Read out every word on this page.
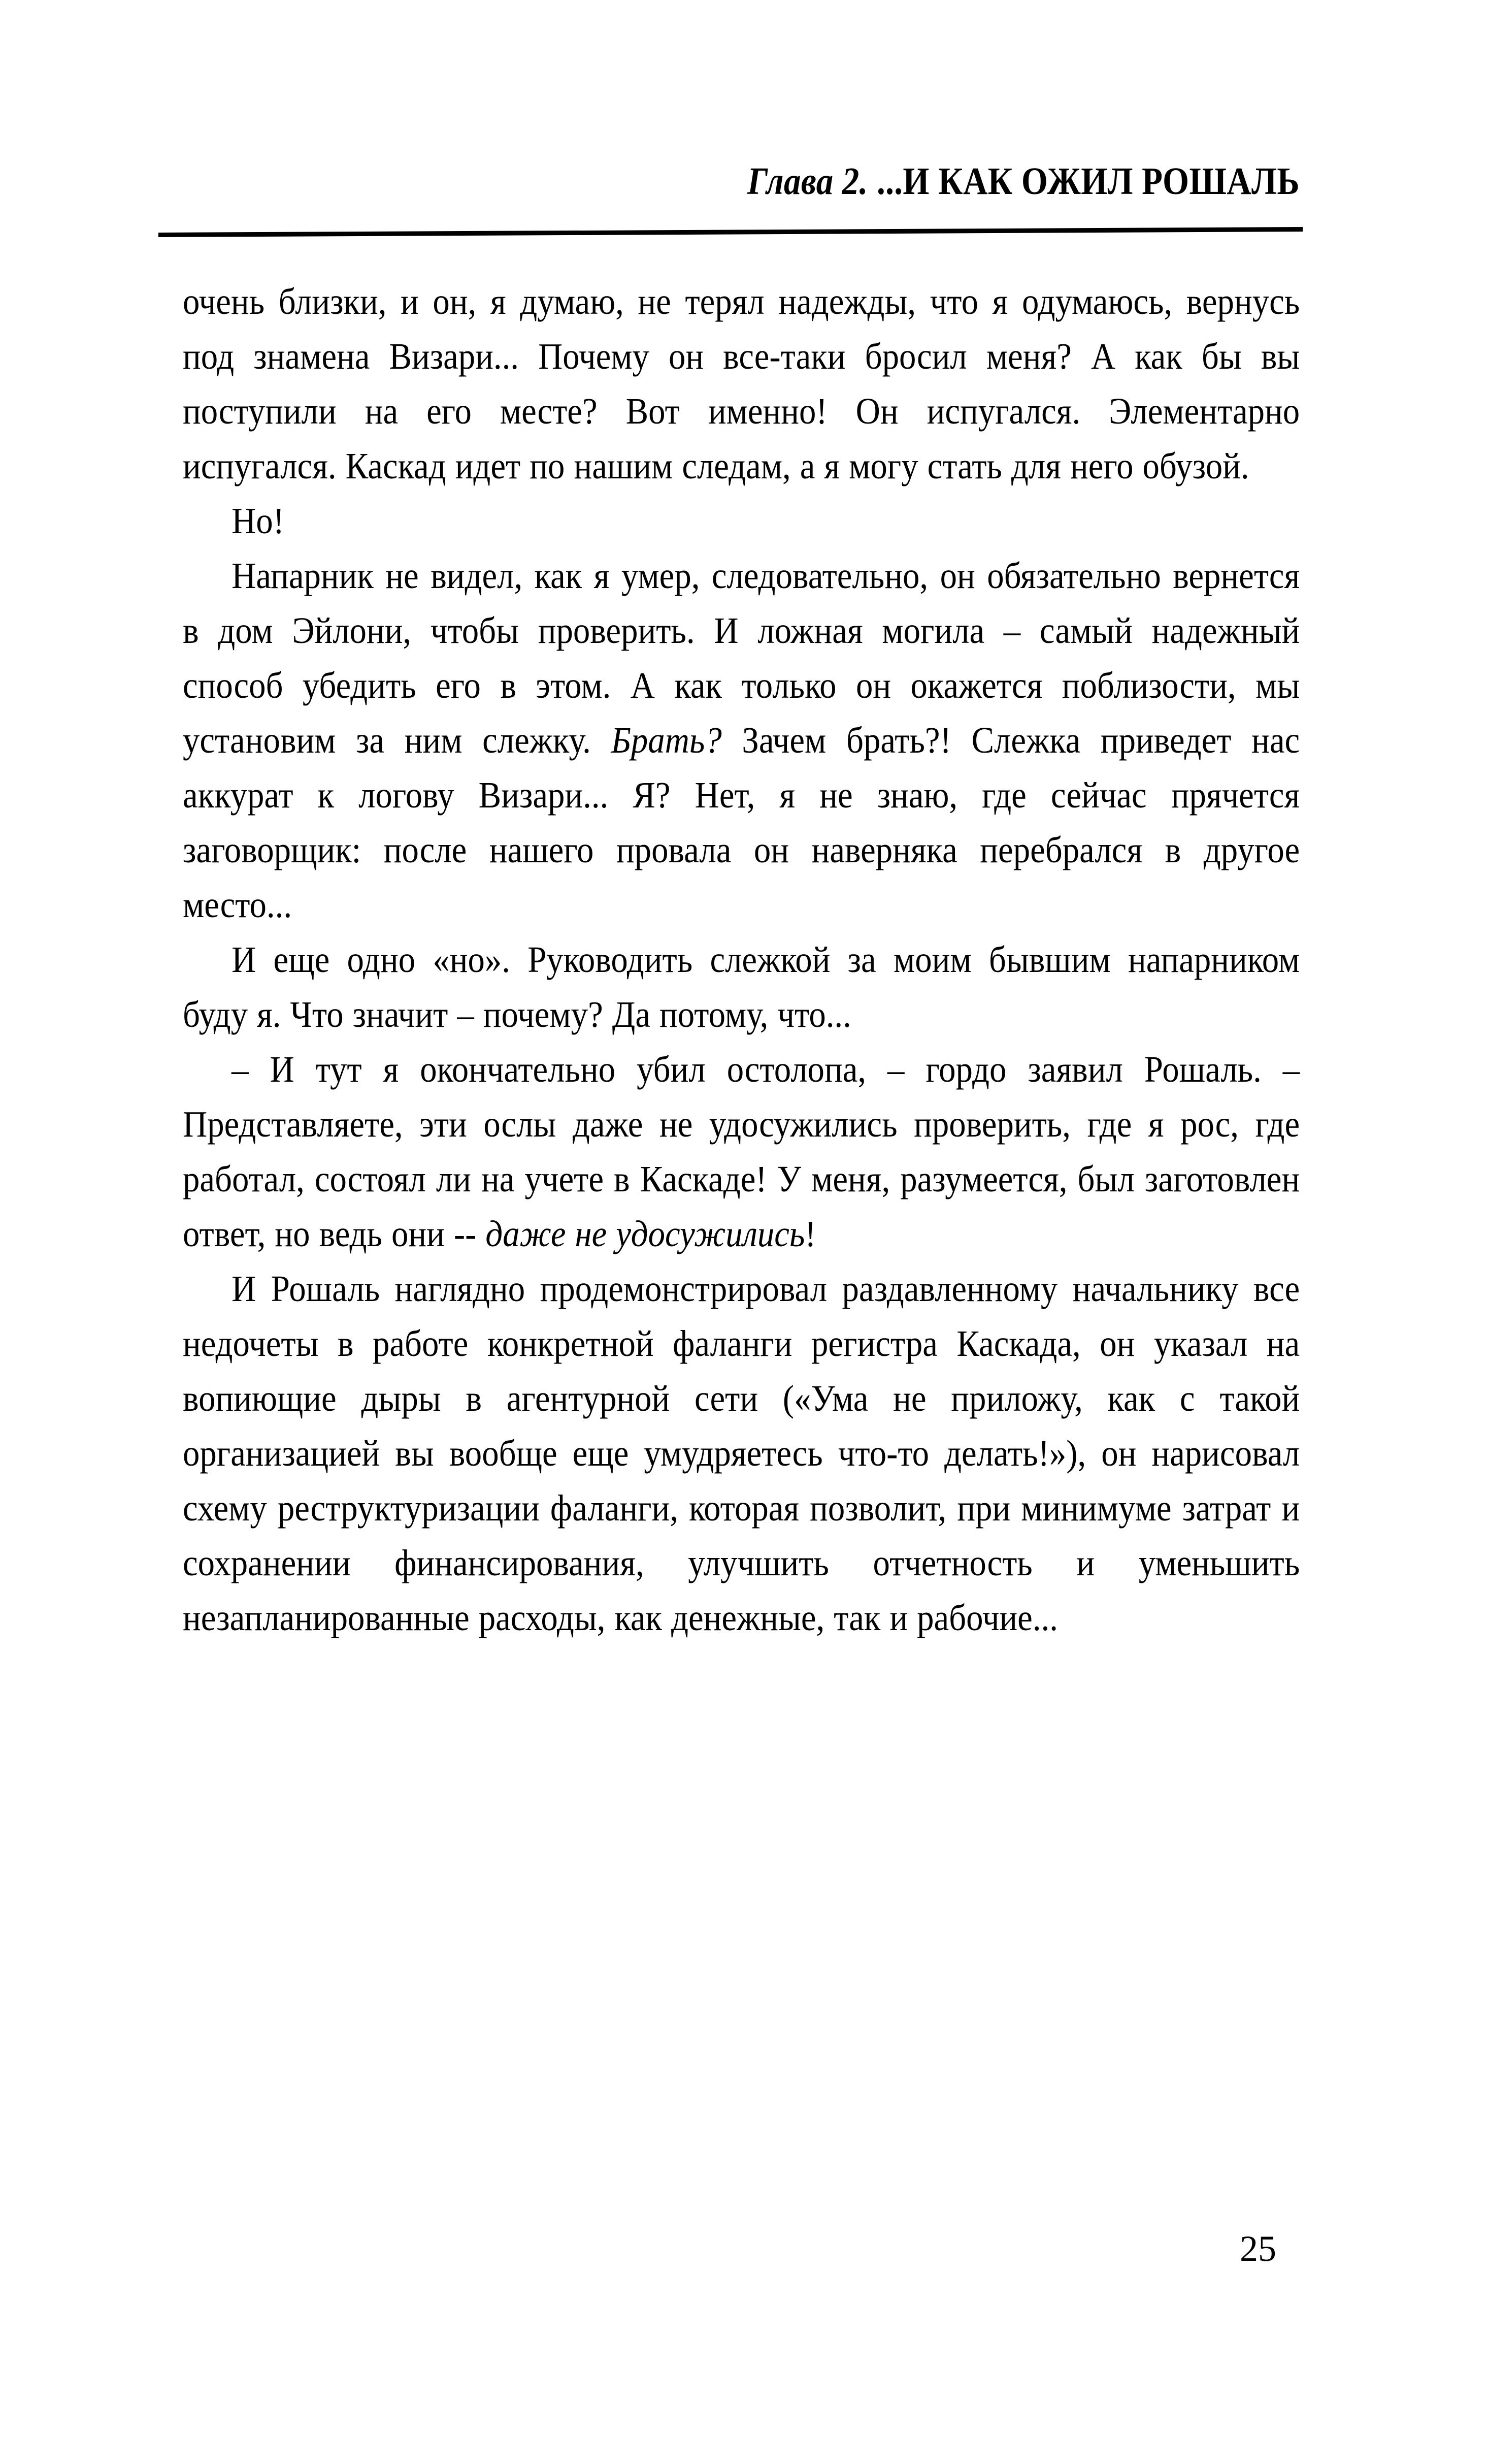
Глава 2. ...И КАК ОЖИЛ РОШАЛЬ

очень близки, и он, я думаю, не терял надежды, что я одумаюсь, вернусь под знамена Визари... Почему он все-таки бросил меня? А как бы вы поступили на его месте? Вот именно! Он испугался. Элементарно испугался. Каскад идет по нашим следам, а я могу стать для него обузой.

Но!

Напарник не видел, как я умер, следовательно, он обязательно вернется в дом Эйлони, чтобы проверить. И ложная могила – самый надежный способ убедить его в этом. А как только он окажется поблизости, мы установим за ним слежку. Брать? Зачем брать?! Слежка приведет нас аккурат к логову Визари... Я? Нет, я не знаю, где сейчас прячется заговорщик: после нашего провала он наверняка перебрался в другое место...

И еще одно «но». Руководить слежкой за моим бывшим напарником буду я. Что значит – почему? Да потому, что...

– И тут я окончательно убил остолопа, – гордо заявил Рошаль. – Представляете, эти ослы даже не удосужились проверить, где я рос, где работал, состоял ли на учете в Каскаде! У меня, разумеется, был заготовлен ответ, но ведь они -- даже не удосужились!

И Рошаль наглядно продемонстрировал раздавленному начальнику все недочеты в работе конкретной фаланги регистра Каскада, он указал на вопиющие дыры в агентурной сети («Ума не приложу, как с такой организацией вы вообще еще умудряетесь что-то делать!»), он нарисовал схему реструктуризации фаланги, которая позволит, при минимуме затрат и сохранении финансирования, улучшить отчетность и уменьшить незапланированные расходы, как денежные, так и рабочие...

25
